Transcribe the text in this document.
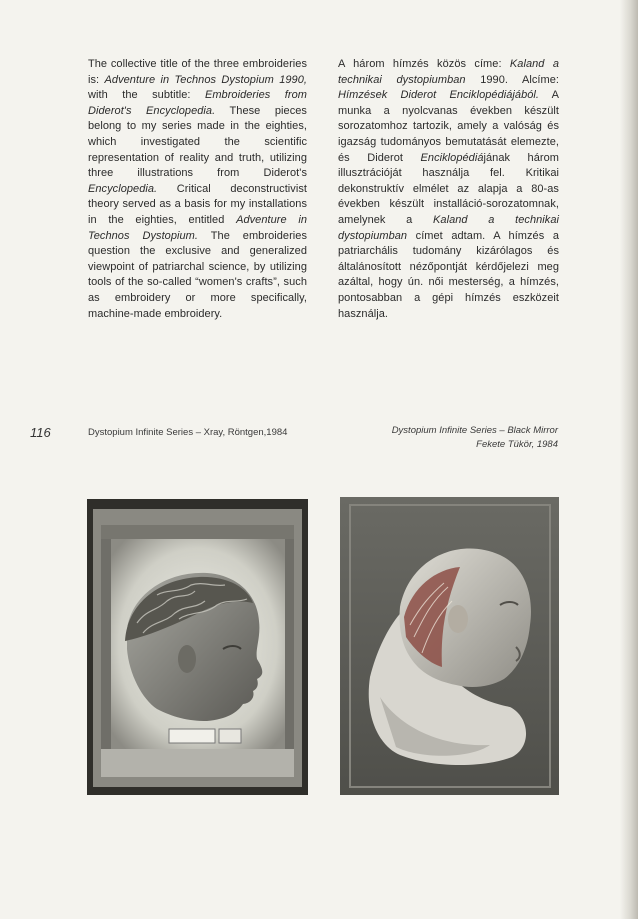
The collective title of the three embroideries is: Adventure in Technos Dystopium 1990, with the subtitle: Embroideries from Diderot's Encyclopedia. These pieces belong to my series made in the eighties, which investigated the scientific representation of reality and truth, utilizing three illustrations from Diderot's Encyclopedia. Critical deconstructivist theory served as a basis for my installations in the eighties, entitled Adventure in Technos Dystopium. The embroideries question the exclusive and generalized viewpoint of patriarchal science, by utilizing tools of the so-called “women's crafts”, such as embroidery or more specifically, machine-made embroidery.

A három hímzés közös címe: Kaland a technikai dystopiumban 1990. Alcíme: Hímzések Diderot Enciklopédiájából. A munka a nyolcvanas években készült sorozatomhoz tartozik, amely a valóság és igazság tudományos bemutatását elemezte, és Diderot Enciklopédiájának három illusztrációját használja fel. Kritikai dekonstruktív elmélet az alapja a 80-as években készült installáció-sorozatomnak, amelynek a Kaland a technikai dystopiumban címet adtam. A hímzés a patriarchális tudomány kizárólagos és általánosított nézőpontját kérdőjelezi meg azáltal, hogy ún. női mesterség, a hímzés, pontosabban a gépi hímzés eszközeit használja.

116	Dystopium Infinite Series – Xray, Röntgen,1984	Dystopium Infinite Series – Black Mirror
Fekete Tükör, 1984
